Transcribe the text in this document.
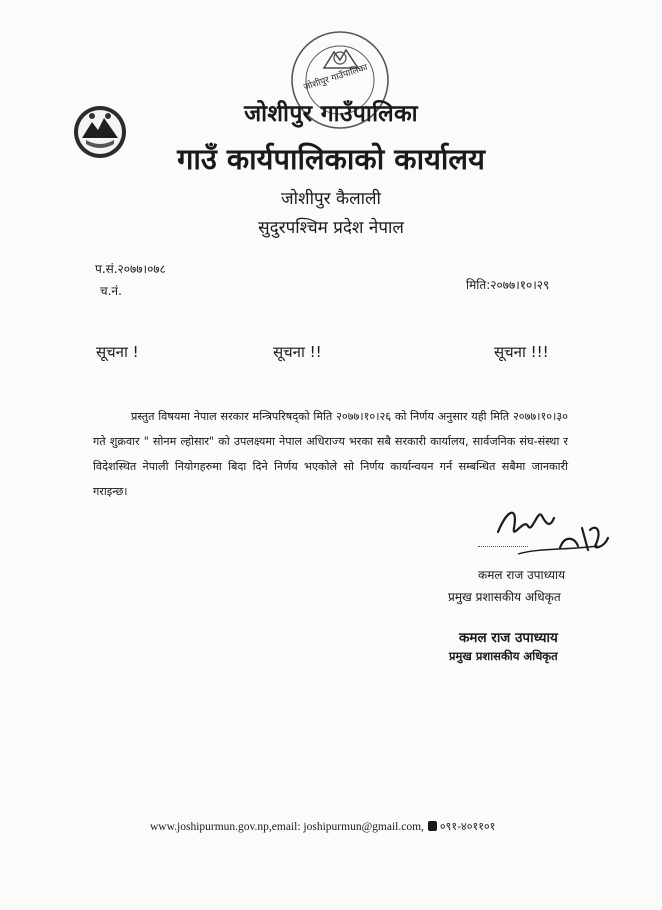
जोशीपुर गाउँपालिका
जोशीपुर गाउँपालिका
गाउँ कार्यपालिकाको कार्यालय
जोशीपुर कैलाली
सुदुरपश्चिम प्रदेश नेपाल
प.सं.२०७७।०७८
च.नं.	मिति:२०७७।१०।२९
सूचना !	सूचना !!	सूचना !!!
प्रस्तुत विषयमा नेपाल सरकार मन्त्रिपरिषद्को मिति २०७७।१०।२६ को निर्णय अनुसार यही मिति २०७७।१०।३० गते शुक्रवार " सोनम ल्होसार" को उपलक्ष्यमा नेपाल अधिराज्य भरका सबै सरकारी कार्यालय, सार्वजनिक संघ-संस्था र विदेशस्थित नेपाली नियोगहरुमा बिदा दिने निर्णय भएकोले सो निर्णय कार्यान्वयन गर्न सम्बन्धित सबैमा जानकारी गराइन्छ।
कमल राज उपाध्याय
प्रमुख प्रशासकीय अधिकृत
कमल राज उपाध्याय
प्रमुख प्रशासकीय अधिकृत
www.joshipurmun.gov.np,email: joshipurmun@gmail.com, ०९१-४०११०१
